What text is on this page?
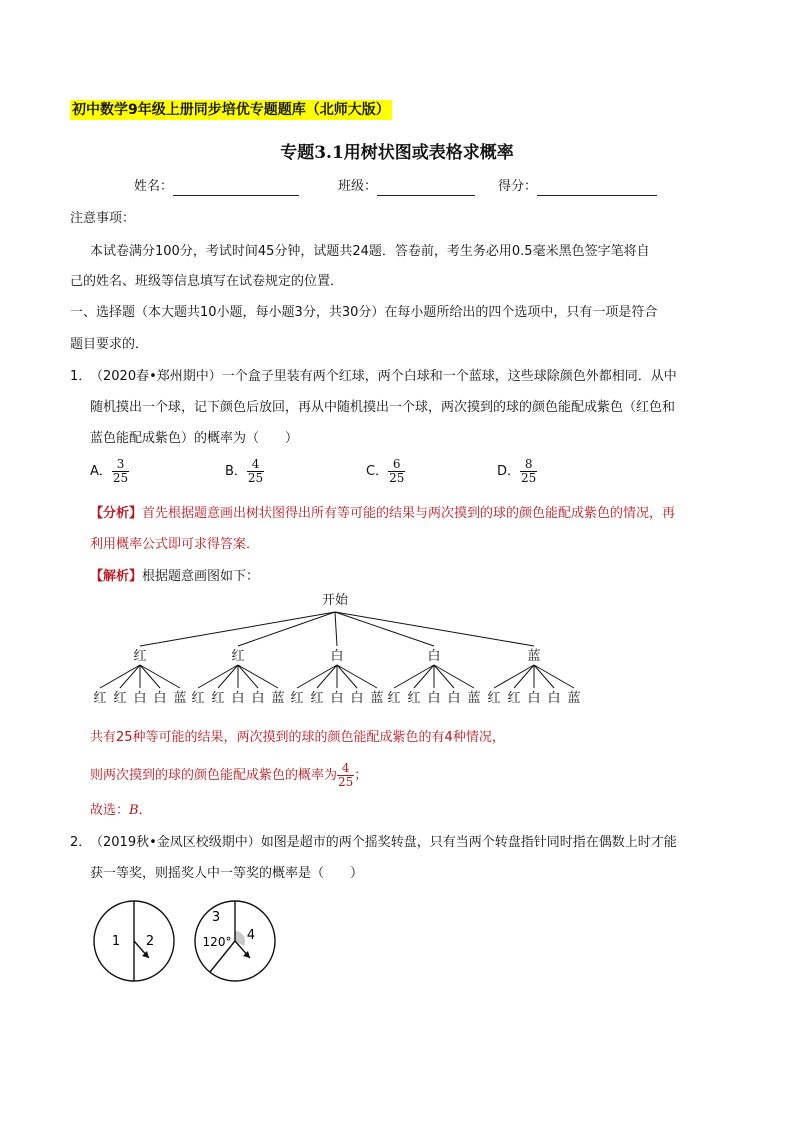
初中数学9年级上册同步培优专题题库（北师大版）
专题3.1用树状图或表格求概率
姓名：	班级：	得分：
注意事项：
本试卷满分100分，考试时间45分钟，试题共24题．答卷前，考生务必用0.5毫米黑色签字笔将自
己的姓名、班级等信息填写在试卷规定的位置．
一、选择题（本大题共10小题，每小题3分，共30分）在每小题所给出的四个选项中，只有一项是符合
题目要求的．
1．
（2020春•郑州期中）一个盒子里装有两个红球，两个白球和一个蓝球，这些球除颜色外都相同．从中
随机摸出一个球，记下颜色后放回，再从中随机摸出一个球，两次摸到的球的颜色能配成紫色（红色和
蓝色能配成紫色）的概率为（　　）
A． $\frac{3}{25}$	B． $\frac{4}{25}$	C． $\frac{6}{25}$	D． $\frac{8}{25}$
【分析】首先根据题意画出树状图得出所有等可能的结果与两次摸到的球的颜色能配成紫色的情况，再
利用概率公式即可求得答案．
【解析】根据题意画图如下：
开始
红
红 红 白 白 蓝
红
红 红 白 白 蓝
白
红 红 白 白 蓝
白
红 红 白 白 蓝
蓝
红 红 白 白 蓝
共有25种等可能的结果，两次摸到的球的颜色能配成紫色的有4种情况，
则两次摸到的球的颜色能配成紫色的概率为 $\frac{4}{25}$ ；
故选：B．
2．
（2019秋•金凤区校级期中）如图是超市的两个摇奖转盘，只有当两个转盘指针同时指在偶数上时才能
获一等奖，则摇奖人中一等奖的概率是（　　）
1 2
3
120° 4
